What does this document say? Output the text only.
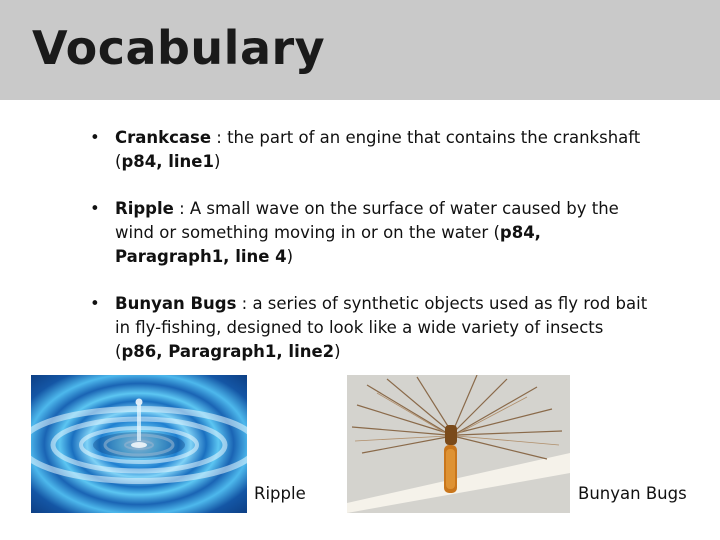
Vocabulary
• Crankcase : the part of an engine that contains the crankshaft (p84, line1)
• Ripple : A small wave on the surface of water caused by the wind or something moving in or on the water (p84, Paragraph1, line 4)
• Bunyan Bugs : a series of synthetic objects used as fly rod bait in fly-fishing, designed to look like a wide variety of insects (p86, Paragraph1, line2)
Ripple	Bunyan Bugs
